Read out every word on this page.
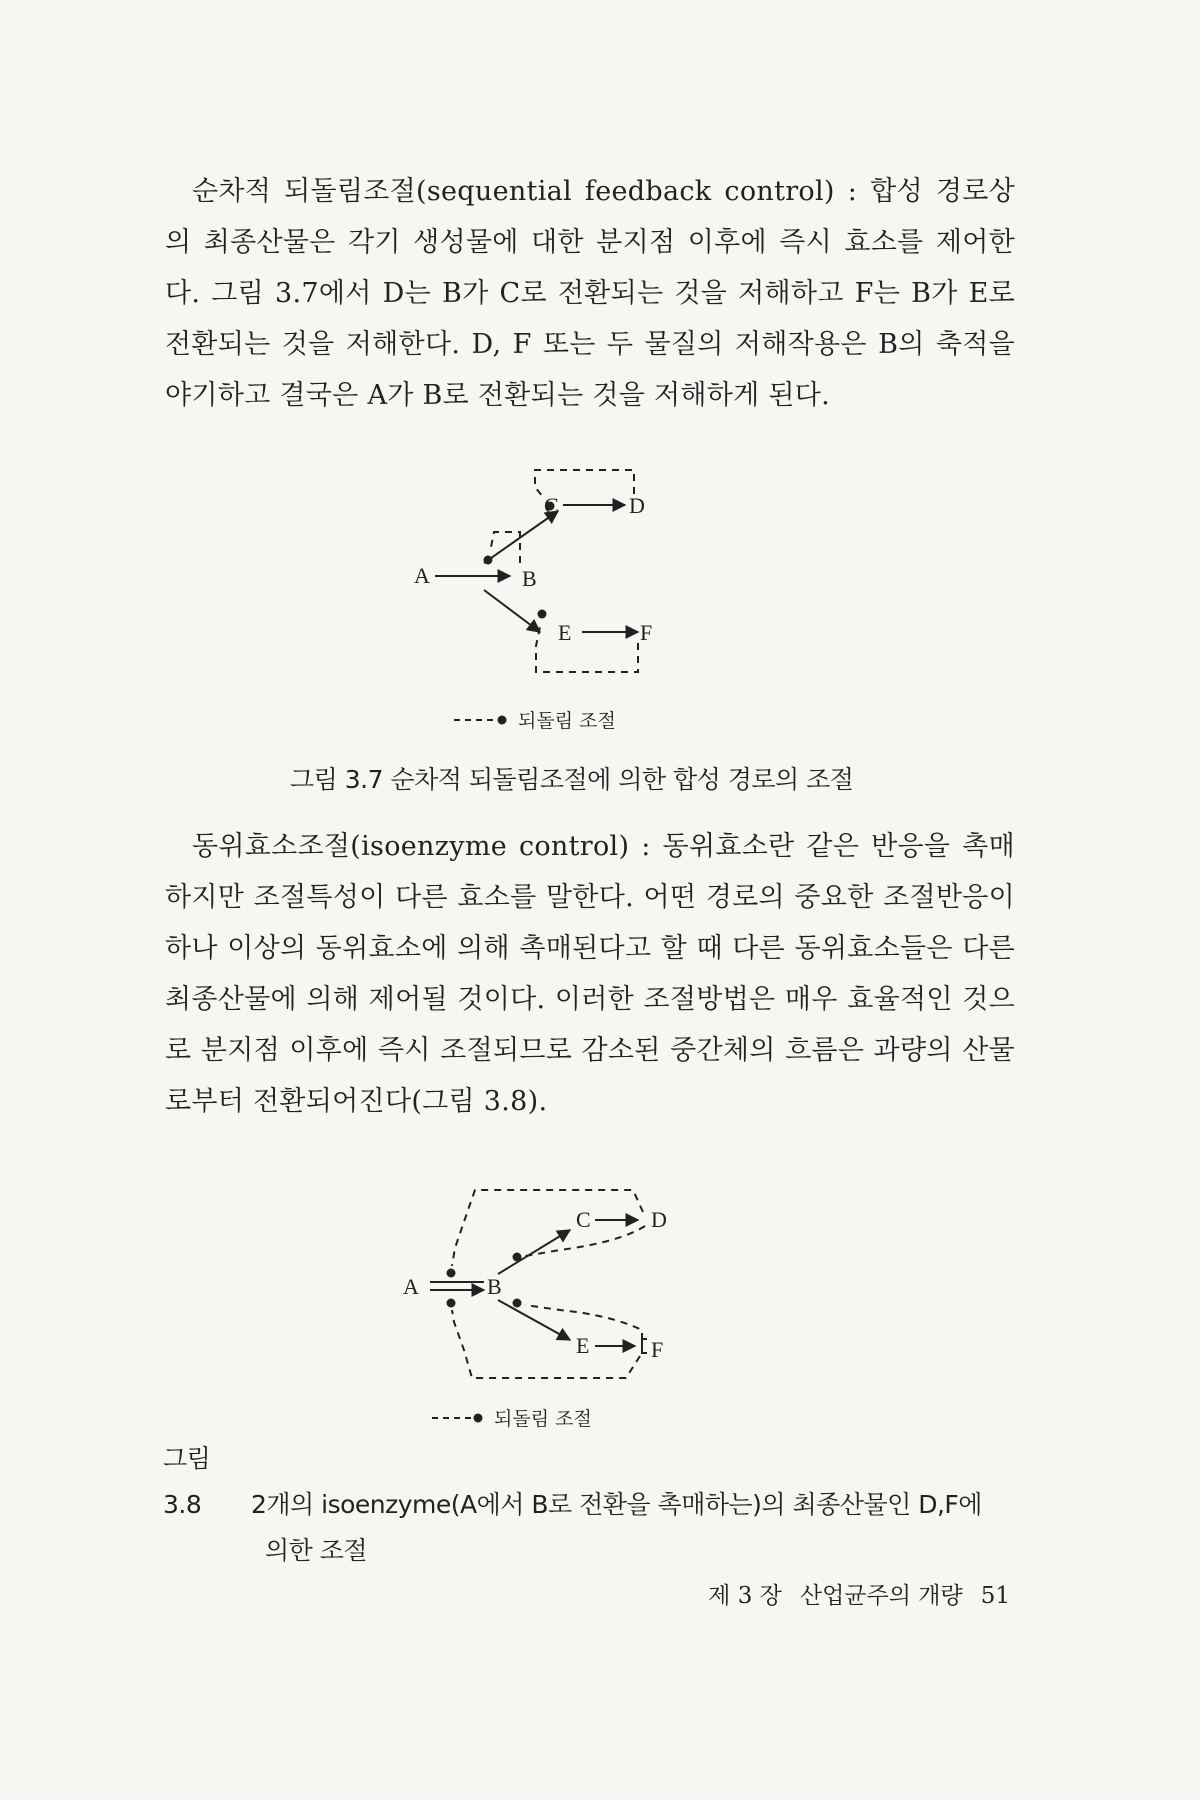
순차적 되돌림조절(sequential feedback control) : 합성 경로상의 최종산물은 각기 생성물에 대한 분지점 이후에 즉시 효소를 제어한다. 그림 3.7에서 D는 B가 C로 전환되는 것을 저해하고 F는 B가 E로 전환되는 것을 저해한다. D, F 또는 두 물질의 저해작용은 B의 축적을 야기하고 결국은 A가 B로 전환되는 것을 저해하게 된다.

A	B
C	D
E	F
되돌림 조절
그림 3.7 순차적 되돌림조절에 의한 합성 경로의 조절

동위효소조절(isoenzyme control) : 동위효소란 같은 반응을 촉매하지만 조절특성이 다른 효소를 말한다. 어떤 경로의 중요한 조절반응이 하나 이상의 동위효소에 의해 촉매된다고 할 때 다른 동위효소들은 다른 최종산물에 의해 제어될 것이다. 이러한 조절방법은 매우 효율적인 것으로 분지점 이후에 즉시 조절되므로 감소된 중간체의 흐름은 과량의 산물로부터 전환되어진다(그림 3.8).

A	B
C	D
E	F
되돌림 조절
그림 3.8 2개의 isoenzyme(A에서 B로 전환을 촉매하는)의 최종산물인 D,F에
의한 조절
제 3 장 산업균주의 개량 51
